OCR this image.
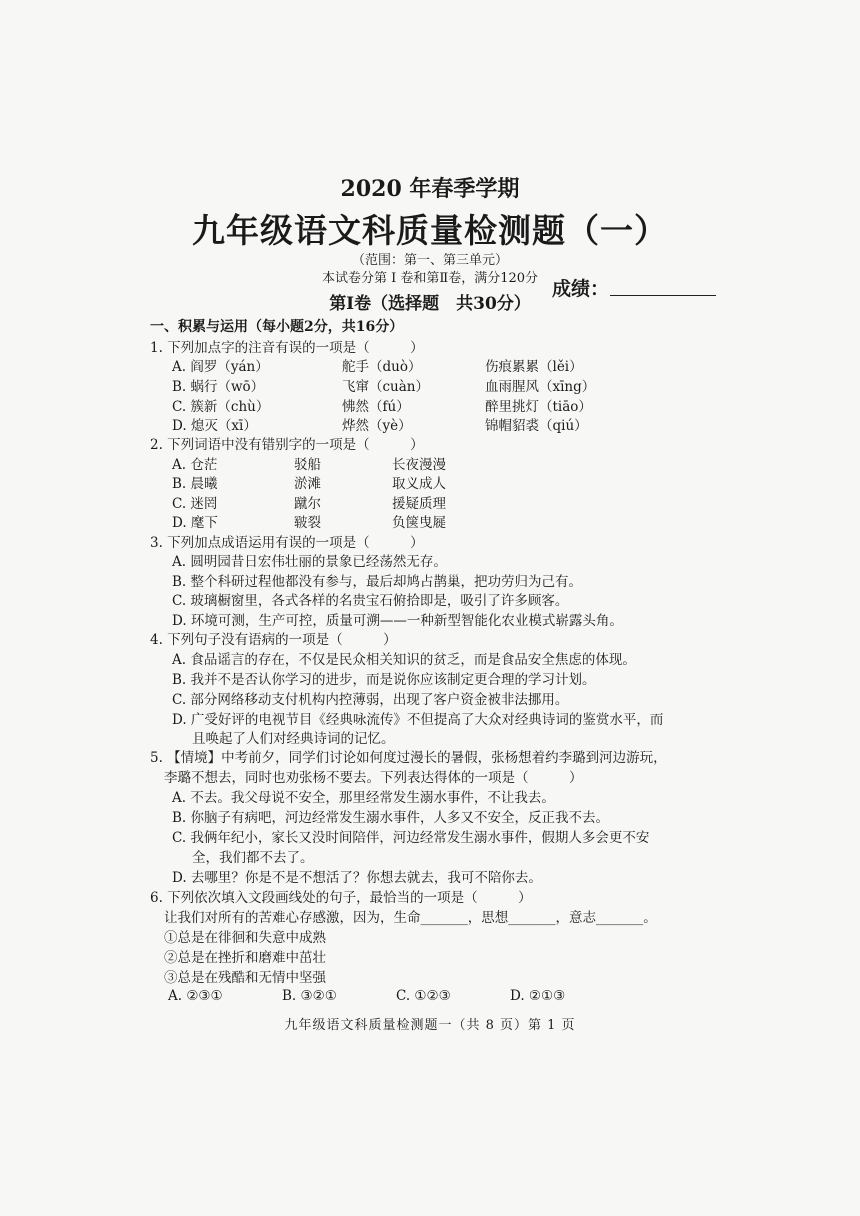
2020 年春季学期
九年级语文科质量检测题（一）
（范围：第一、第三单元）
本试卷分第 I 卷和第Ⅱ卷，满分120分 成绩：
第Ⅰ卷（选择题　共30分）
一、积累与运用（每小题2分，共16分）
1. 下列加点字的注音有误的一项是（　　　）
A. 阎罗（yán）	舵手（duò）	伤痕累累（lěi）
B. 蜗行（wō）	飞窜（cuàn）	血雨腥风（xīng）
C. 簇新（chù）	怫然（fú）	醉里挑灯（tiāo）
D. 熄灭（xī）	烨然（yè）	锦帽貂裘（qiú）
2. 下列词语中没有错别字的一项是（　　　）
A. 仓茫	驳船	长夜漫漫
B. 晨曦	淤滩	取义成人
C. 迷罔	蹴尔	援疑质理
D. 麾下	皲裂	负箧曳屣
3. 下列加点成语运用有误的一项是（　　　）
A. 圆明园昔日宏伟壮丽的景象已经荡然无存。
B. 整个科研过程他都没有参与，最后却鸠占鹊巢，把功劳归为己有。
C. 玻璃橱窗里，各式各样的名贵宝石俯拾即是，吸引了许多顾客。
D. 环境可测，生产可控，质量可溯——一种新型智能化农业模式崭露头角。
4. 下列句子没有语病的一项是（　　　）
A. 食品谣言的存在，不仅是民众相关知识的贫乏，而是食品安全焦虑的体现。
B. 我并不是否认你学习的进步，而是说你应该制定更合理的学习计划。
C. 部分网络移动支付机构内控薄弱，出现了客户资金被非法挪用。
D. 广受好评的电视节目《经典咏流传》不但提高了大众对经典诗词的鉴赏水平，而
且唤起了人们对经典诗词的记忆。
5. 【情境】中考前夕，同学们讨论如何度过漫长的暑假，张杨想着约李璐到河边游玩，
李璐不想去，同时也劝张杨不要去。下列表达得体的一项是（　　　）
A. 不去。我父母说不安全，那里经常发生溺水事件，不让我去。
B. 你脑子有病吧，河边经常发生溺水事件，人多又不安全，反正我不去。
C. 我俩年纪小，家长又没时间陪伴，河边经常发生溺水事件，假期人多会更不安
全，我们都不去了。
D. 去哪里？你是不是不想活了？你想去就去，我可不陪你去。
6. 下列依次填入文段画线处的句子，最恰当的一项是（　　　）
让我们对所有的苦难心存感激，因为，生命_______，思想_______，意志_______。
①总是在徘徊和失意中成熟
②总是在挫折和磨难中茁壮
③总是在残酷和无情中坚强
A. ②③①	B. ③②①	C. ①②③	D. ②①③
九年级语文科质量检测题一（共 8 页）第 1 页
